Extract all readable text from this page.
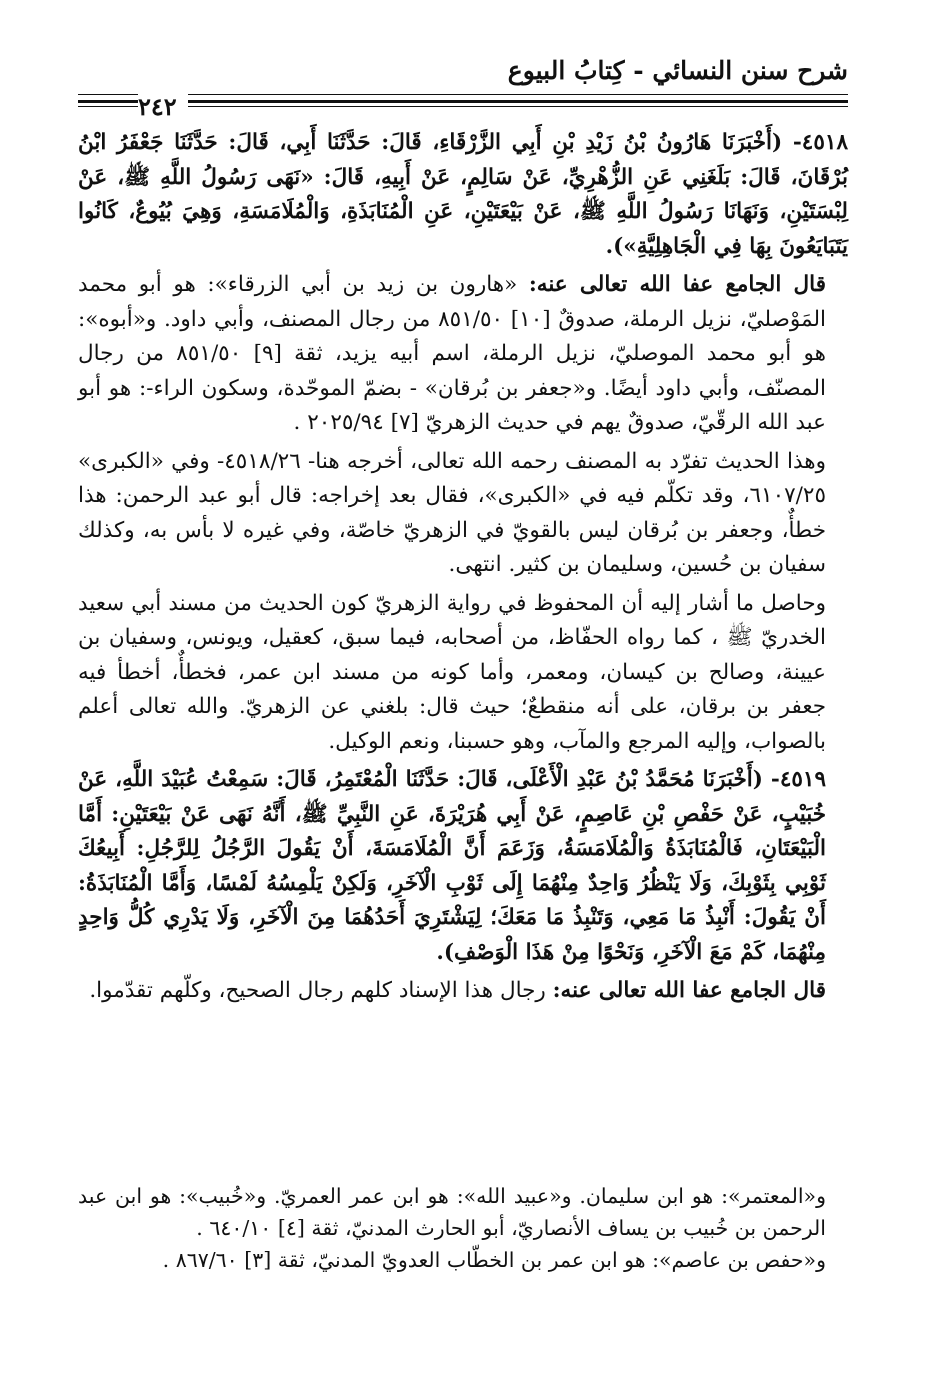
شرح سنن النسائي - كِتابُ البيوع
٢٤٢

٤٥١٨- (أَخْبَرَنَا هَارُونُ بْنُ زَيْدِ بْنِ أَبِي الزَّرْقَاءِ، قَالَ: حَدَّثَنَا أَبِي، قَالَ: حَدَّثَنَا جَعْفَرُ ابْنُ بُرْقَانَ، قَالَ: بَلَغَنِي عَنِ الزُّهْرِيِّ، عَنْ سَالِمٍ، عَنْ أَبِيهِ، قَالَ: «نَهَى رَسُولُ اللَّهِ ﷺ، عَنْ لِبْسَتَيْنِ، وَنَهَانَا رَسُولُ اللَّهِ ﷺ، عَنْ بَيْعَتَيْنِ، عَنِ الْمُنَابَذَةِ، وَالْمُلَامَسَةِ، وَهِيَ بُيُوعٌ، كَانُوا يَتَبَايَعُونَ بِهَا فِي الْجَاهِلِيَّةِ»).

قال الجامع عفا الله تعالى عنه: «هارون بن زيد بن أبي الزرقاء»: هو أبو محمد المَوْصليّ، نزيل الرملة، صدوقٌ [١٠] ٨٥١/٥٠ من رجال المصنف، وأبي داود. و«أبوه»: هو أبو محمد الموصليّ، نزيل الرملة، اسم أبيه يزيد، ثقة [٩] ٨٥١/٥٠ من رجال المصنّف، وأبي داود أيضًا. و«جعفر بن بُرقان» - بضمّ الموحّدة، وسكون الراء-: هو أبو عبد الله الرقّيّ، صدوقٌ يهم في حديث الزهريّ [٧] ٢٠٢٥/٩٤ .

وهذا الحديث تفرّد به المصنف رحمه الله تعالى، أخرجه هنا- ٤٥١٨/٢٦- وفي «الكبرى» ٦١٠٧/٢٥، وقد تكلّم فيه في «الكبرى»، فقال بعد إخراجه: قال أبو عبد الرحمن: هذا خطأٌ، وجعفر بن بُرقان ليس بالقويّ في الزهريّ خاصّة، وفي غيره لا بأس به، وكذلك سفيان بن حُسين، وسليمان بن كثير. انتهى.

وحاصل ما أشار إليه أن المحفوظ في رواية الزهريّ كون الحديث من مسند أبي سعيد الخدريّ ﷺ ، كما رواه الحفّاظ، من أصحابه، فيما سبق، كعقيل، ويونس، وسفيان بن عيينة، وصالح بن كيسان، ومعمر، وأما كونه من مسند ابن عمر، فخطأٌ، أخطأ فيه جعفر بن برقان، على أنه منقطعٌ؛ حيث قال: بلغني عن الزهريّ. والله تعالى أعلم بالصواب، وإليه المرجع والمآب، وهو حسبنا، ونعم الوكيل.

٤٥١٩- (أَخْبَرَنَا مُحَمَّدُ بْنُ عَبْدِ الْأَعْلَى، قَالَ: حَدَّثَنَا الْمُعْتَمِرُ، قَالَ: سَمِعْتُ عُبَيْدَ اللَّهِ، عَنْ خُبَيْبٍ، عَنْ حَفْصِ بْنِ عَاصِمٍ، عَنْ أَبِي هُرَيْرَةَ، عَنِ النَّبِيِّ ﷺ، أَنَّهُ نَهَى عَنْ بَيْعَتَيْنِ: أَمَّا الْبَيْعَتَانِ، فَالْمُنَابَذَةُ وَالْمُلَامَسَةُ، وَزَعَمَ أَنَّ الْمُلَامَسَةَ، أَنْ يَقُولَ الرَّجُلُ لِلرَّجُلِ: أَبِيعُكَ ثَوْبِي بِثَوْبِكَ، وَلَا يَنْظُرُ وَاحِدٌ مِنْهُمَا إِلَى ثَوْبِ الْآخَرِ، وَلَكِنْ يَلْمِسُهُ لَمْسًا، وَأَمَّا الْمُنَابَذَةُ: أَنْ يَقُولَ: أَنْبِذُ مَا مَعِي، وَتَنْبِذُ مَا مَعَكَ؛ لِيَشْتَرِيَ أَحَدُهُمَا مِنَ الْآخَرِ، وَلَا يَدْرِي كُلُّ وَاحِدٍ مِنْهُمَا، كَمْ مَعَ الْآخَرِ، وَنَحْوًا مِنْ هَذَا الْوَصْفِ).

قال الجامع عفا الله تعالى عنه: رجال هذا الإسناد كلهم رجال الصحيح، وكلّهم تقدّموا.

و«المعتمر»: هو ابن سليمان. و«عبيد الله»: هو ابن عمر العمريّ. و«خُبيب»: هو ابن عبد الرحمن بن خُبيب بن يساف الأنصاريّ، أبو الحارث المدنيّ، ثقة [٤] ٦٤٠/١٠ .

و«حفص بن عاصم»: هو ابن عمر بن الخطّاب العدويّ المدنيّ، ثقة [٣] ٨٦٧/٦٠ .
